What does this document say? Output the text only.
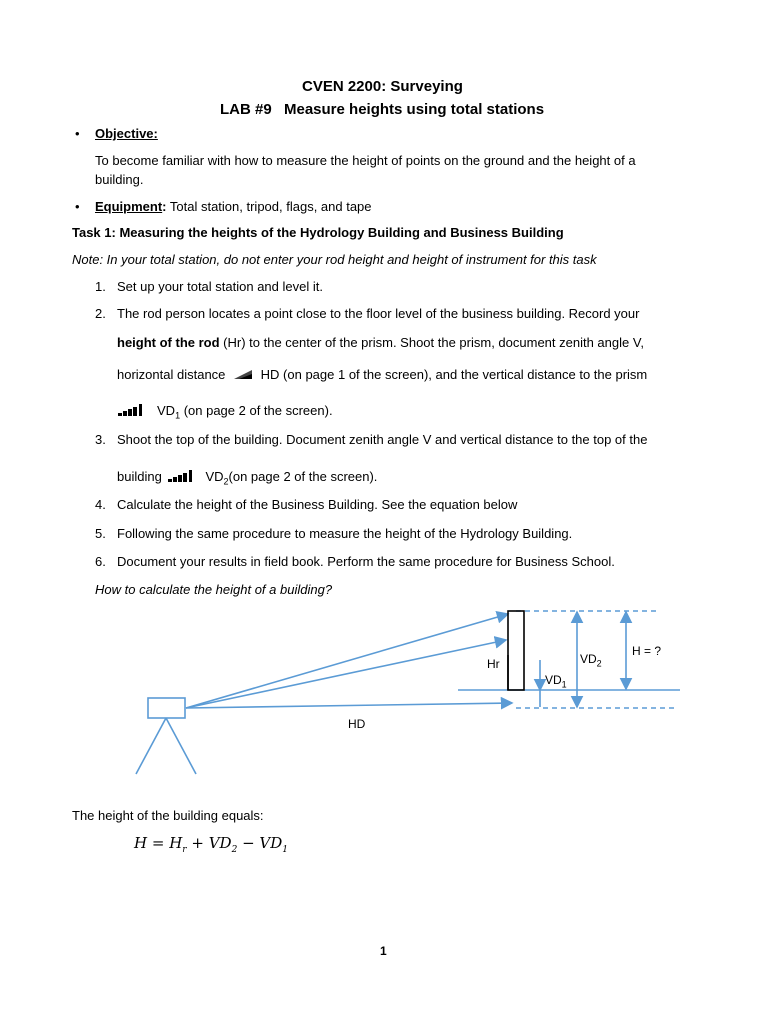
CVEN 2200: Surveying
LAB #9 Measure heights using total stations
• Objective:
To become familiar with how to measure the height of points on the ground and the height of a
building.
• Equipment: Total station, tripod, flags, and tape
Task 1: Measuring the heights of the Hydrology Building and Business Building
Note: In your total station, do not enter your rod height and height of instrument for this task
1. Set up your total station and level it.
2. The rod person locates a point close to the floor level of the business building. Record your
height of the rod (Hr) to the center of the prism. Shoot the prism, document zenith angle V,
horizontal distance	HD (on page 1 of the screen), and the vertical distance to the prism
$VD_1$ (on page 2 of the screen).
3. Shoot the top of the building. Document zenith angle V and vertical distance to the top of the
building	$VD_2(on$ page 2 of the screen).
4. Calculate the height of the Business Building. See the equation below
5. Following the same procedure to measure the height of the Hydrology Building.
6. Document your results in field book. Perform the same procedure for Business School.
How to calculate the height of a building?
Hr	$VD_2$
$VD_1$
H = ?
HD
The height of the building equals:
$H = H_r + VD_2 - VD_1$
1
